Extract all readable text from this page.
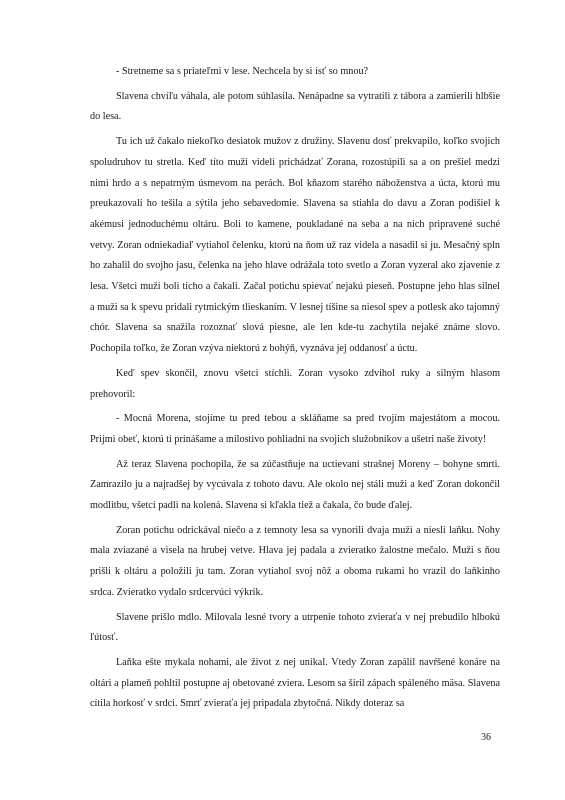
- Stretneme sa s priateľmi v lese. Nechcela by si ísť so mnou?

Slavena chvíľu váhala, ale potom súhlasila. Nenápadne sa vytratili z tábora a zamierili hlbšie do lesa.

Tu ich už čakalo niekoľko desiatok mužov z družiny. Slavenu dosť prekvapilo, koľko svojich spoludruhov tu stretla. Keď títo muži videli prichádzať Zorana, rozostúpili sa a on prešiel medzi nimi hrdo a s nepatrným úsmevom na perách. Bol kňazom starého náboženstva a úcta, ktorú mu preukazovali ho tešila a sýtila jeho sebavedomie. Slavena sa stiahla do davu a Zoran podišiel k akémusi jednoduchému oltáru. Boli to kamene, poukladané na seba a na nich pripravené suché vetvy. Zoran odniekadiaľ vytiahol čelenku, ktorú na ňom už raz videla a nasadil si ju. Mesačný spln ho zahalil do svojho jasu, čelenka na jeho hlave odrážala toto svetlo a Zoran vyzeral ako zjavenie z lesa. Všetci muži boli ticho a čakali. Začal potichu spievať nejakú pieseň. Postupne jeho hlas silnel a muži sa k spevu pridali rytmickým tlieskaním. V lesnej tíšine sa niesol spev a potlesk ako tajomný chór. Slavena sa snažila rozoznať slová piesne, ale len kde-tu zachytila nejaké známe slovo. Pochopila toľko, že Zoran vzýva niektorú z bohýň, vyznáva jej oddanosť a úctu.

Keď spev skončil, znovu všetci stíchli. Zoran vysoko zdvihol ruky a silným hlasom prehovoril:

- Mocná Morena, stojíme tu pred tebou a skláňame sa pred tvojím majestátom a mocou. Prijmi obeť, ktorú ti prinášame a milostivo pohliadni na svojich služobníkov a ušetri naše životy!

Až teraz Slavena pochopila, že sa zúčastňuje na uctievaní strašnej Moreny – bohyne smrti. Zamrazilo ju a najradšej by vycúvala z tohoto davu. Ale okolo nej stáli muži a keď Zoran dokončil modlitbu, všetci padli na kolená. Slavena si kľakla tiež a čakala, čo bude ďalej.

Zoran potichu odrickával niečo a z temnoty lesa sa vynorili dvaja muži a niesli laňku. Nohy mala zviazané a visela na hrubej vetve. Hlava jej padala a zvieratko žalostne mečalo. Muži s ňou prišli k oltáru a položili ju tam. Zoran vytiahol svoj nôž a oboma rukami ho vrazil do laňkinho srdca. Zvieratko vydalo srdcervúci výkrik.

Slavene prišlo mdlo. Milovala lesné tvory a utrpenie tohoto zvieraťa v nej prebudilo hlbokú ľútosť.

Laňka ešte mykala nohami, ale život z nej unikal. Vtedy Zoran zapálil navŕšené konáre na oltári a plameň pohltil postupne aj obetované zviera. Lesom sa šíril zápach spáleného mäsa. Slavena cítila horkosť v srdci. Smrť zvieraťa jej pripadala zbytočná. Nikdy doteraz sa

36
